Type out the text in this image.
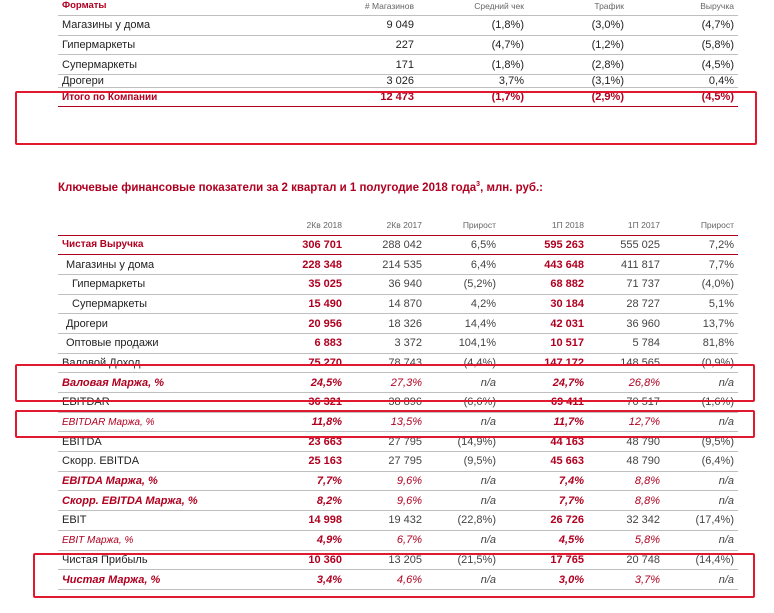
Форматы	# Магазинов	Средний чек	Трафик	Выручка
Магазины у дома	9 049	(1,8%)	(3,0%)	(4,7%)
Гипермаркеты	227	(4,7%)	(1,2%)	(5,8%)
Супермаркеты	171	(1,8%)	(2,8%)	(4,5%)
Дрогери	3 026	3,7%	(3,1%)	0,4%
Итого по Компании	12 473	(1,7%)	(2,9%)	(4,5%)
Ключевые финансовые показатели за 2 квартал и 1 полугодие 2018 года$^3$, млн. руб.:
	2Кв 2018	2Кв 2017	Прирост	1П 2018	1П 2017	Прирост
Чистая Выручка	306 701	288 042	6,5%	595 263	555 025	7,2%
Магазины у дома	228 348	214 535	6,4%	443 648	411 817	7,7%
Гипермаркеты	35 025	36 940	(5,2%)	68 882	71 737	(4,0%)
Супермаркеты	15 490	14 870	4,2%	30 184	28 727	5,1%
Дрогери	20 956	18 326	14,4%	42 031	36 960	13,7%
Оптовые продажи	6 883	3 372	104,1%	10 517	5 784	81,8%
Валовой Доход	75 270	78 743	(4,4%)	147 172	148 565	(0,9%)
Валовая Маржа, %	24,5%	27,3%	n/a	24,7%	26,8%	n/a
EBITDAR	36 321	38 896	(6,6%)	69 411	70 517	(1,6%)
EBITDAR Маржа, %	11,8%	13,5%	n/a	11,7%	12,7%	n/a
EBITDA	23 663	27 795	(14,9%)	44 163	48 790	(9,5%)
Скорр. EBITDA	25 163	27 795	(9,5%)	45 663	48 790	(6,4%)
EBITDA Маржа, %	7,7%	9,6%	n/a	7,4%	8,8%	n/a
Скорр. EBITDA Маржа, %	8,2%	9,6%	n/a	7,7%	8,8%	n/a
EBIT	14 998	19 432	(22,8%)	26 726	32 342	(17,4%)
EBIT Маржа, %	4,9%	6,7%	n/a	4,5%	5,8%	n/a
Чистая Прибыль	10 360	13 205	(21,5%)	17 765	20 748	(14,4%)
Чистая Маржа, %	3,4%	4,6%	n/a	3,0%	3,7%	n/a
